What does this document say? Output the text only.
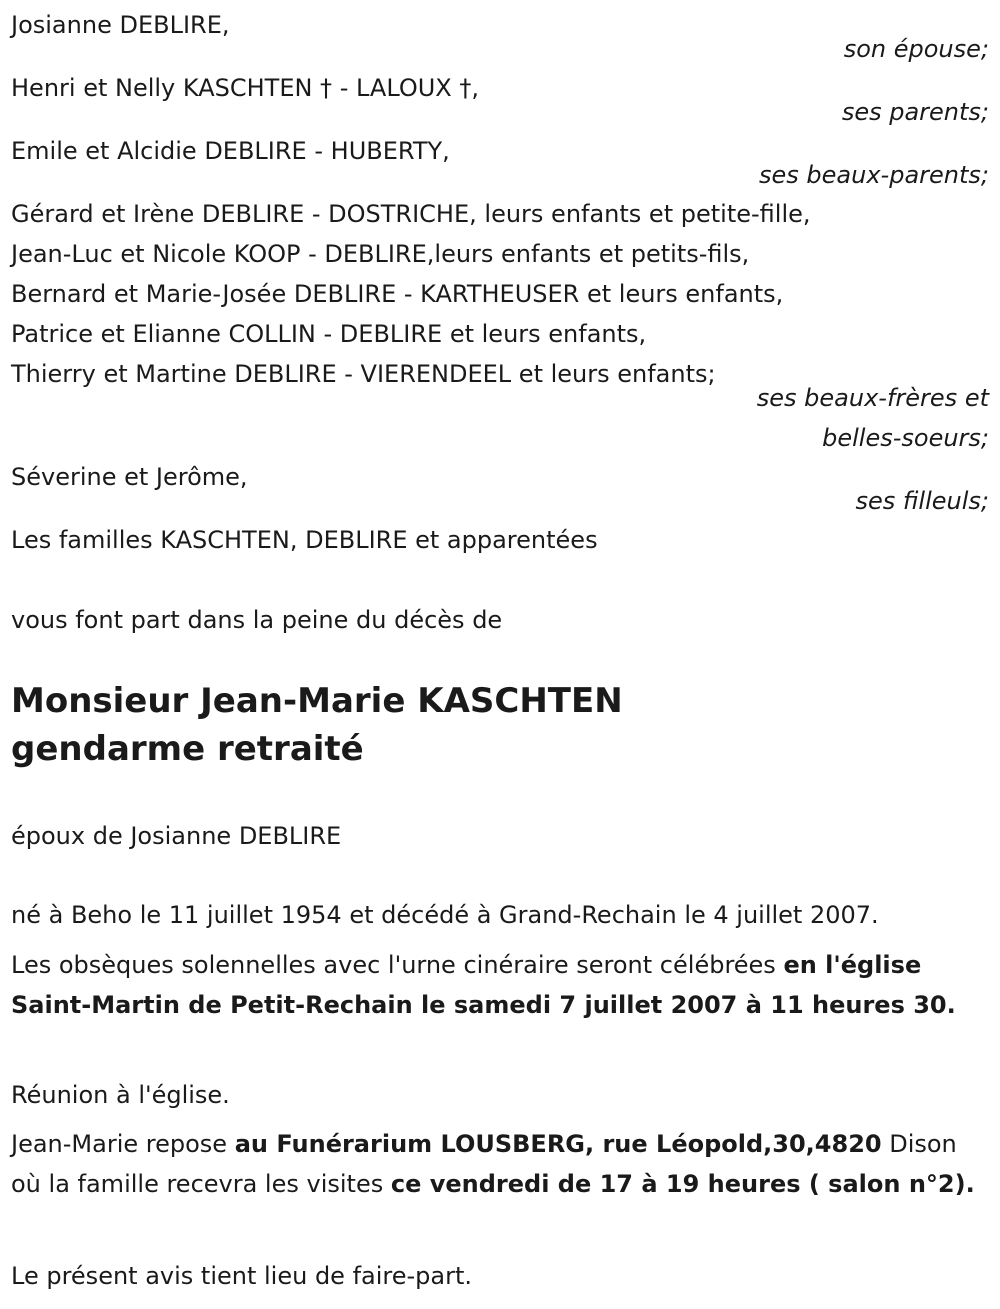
Josianne DEBLIRE,
son épouse;
Henri et Nelly KASCHTEN † - LALOUX †,
ses parents;
Emile et Alcidie DEBLIRE - HUBERTY,
ses beaux-parents;
Gérard et Irène DEBLIRE - DOSTRICHE, leurs enfants et petite-fille,
Jean-Luc et Nicole KOOP - DEBLIRE,leurs enfants et petits-fils,
Bernard et Marie-Josée DEBLIRE - KARTHEUSER et leurs enfants,
Patrice et Elianne COLLIN - DEBLIRE et leurs enfants,
Thierry et Martine DEBLIRE - VIERENDEEL et leurs enfants;
ses beaux-frères et
belles-soeurs;
Séverine et Jerôme,
ses filleuls;
Les familles KASCHTEN, DEBLIRE et apparentées
vous font part dans la peine du décès de
Monsieur Jean-Marie KASCHTEN
gendarme retraité
époux de Josianne DEBLIRE
né à Beho le 11 juillet 1954 et décédé à Grand-Rechain le 4 juillet 2007.
Les obsèques solennelles avec l'urne cinéraire seront célébrées en l'église Saint-Martin de Petit-Rechain le samedi 7 juillet 2007 à 11 heures 30.
Réunion à l'église.
Jean-Marie repose au Funérarium LOUSBERG, rue Léopold,30,4820 Dison où la famille recevra les visites ce vendredi de 17 à 19 heures ( salon n°2).
Le présent avis tient lieu de faire-part.
